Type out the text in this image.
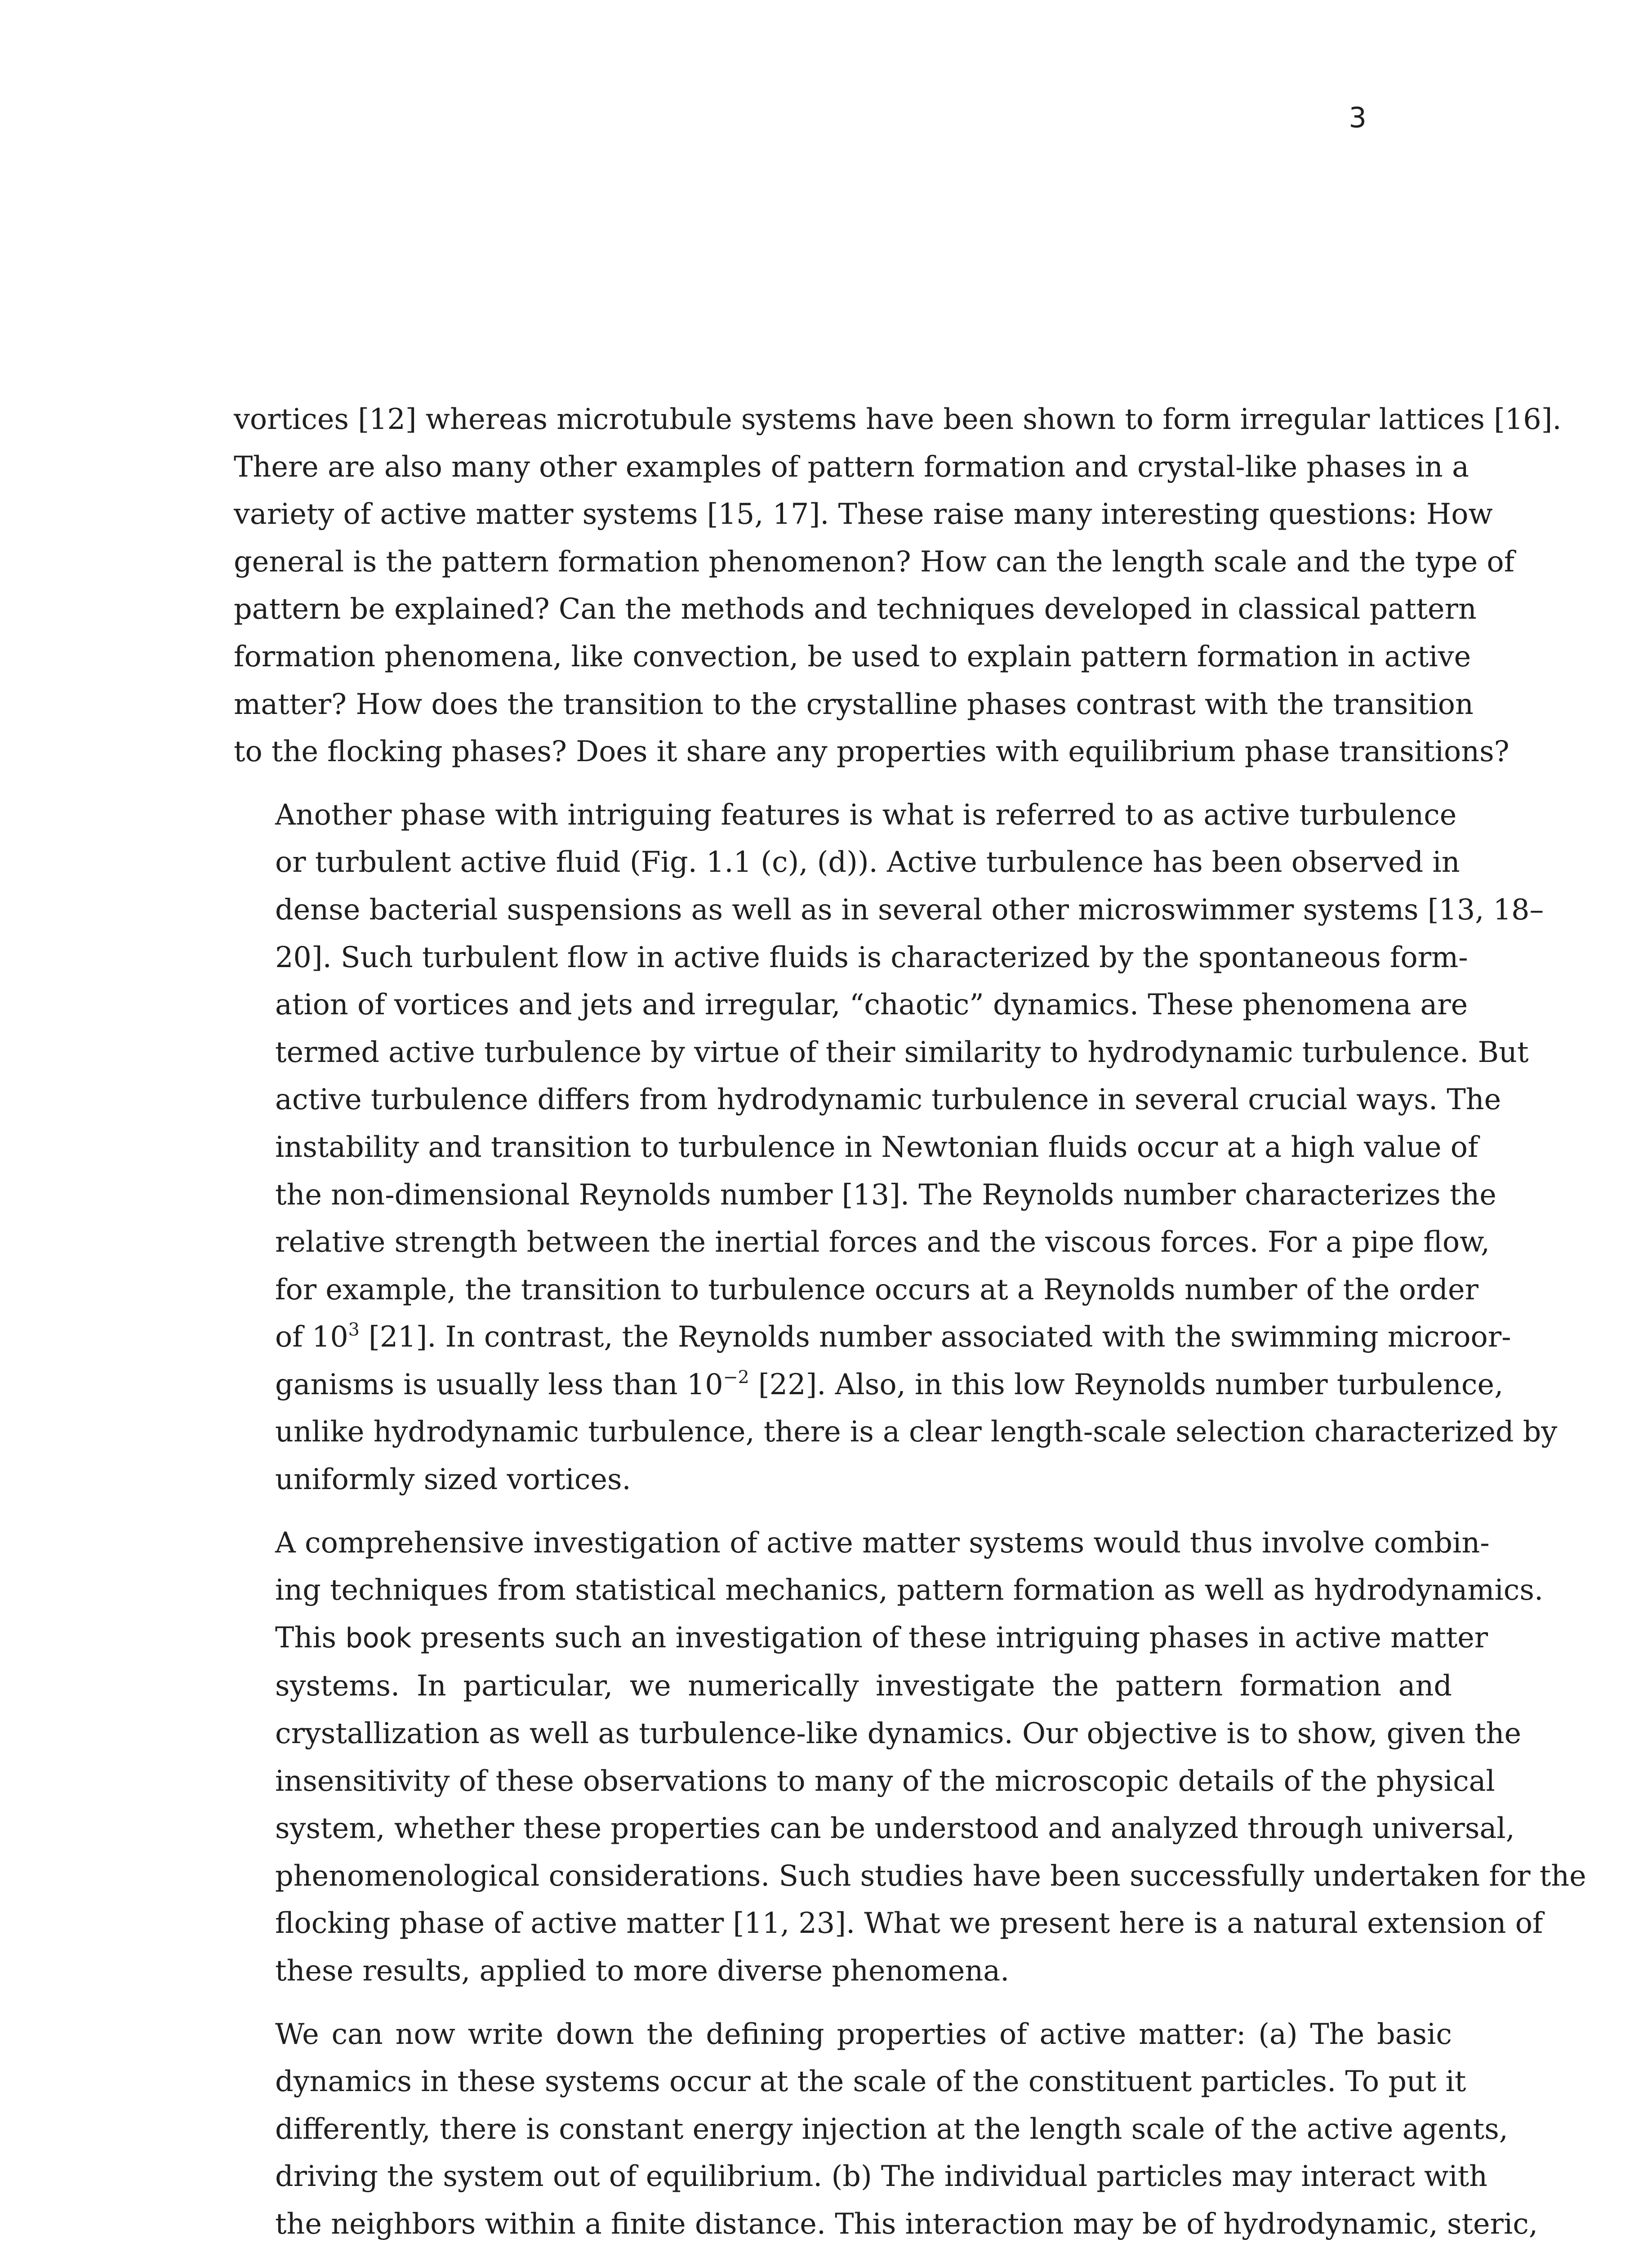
3

vortices [12] whereas microtubule systems have been shown to form irregular lattices [16].
There are also many other examples of pattern formation and crystal-like phases in a
variety of active matter systems [15, 17]. These raise many interesting questions: How
general is the pattern formation phenomenon? How can the length scale and the type of
pattern be explained? Can the methods and techniques developed in classical pattern
formation phenomena, like convection, be used to explain pattern formation in active
matter? How does the transition to the crystalline phases contrast with the transition
to the flocking phases? Does it share any properties with equilibrium phase transitions?

Another phase with intriguing features is what is referred to as active turbulence
or turbulent active fluid (Fig. 1.1 (c), (d)). Active turbulence has been observed in
dense bacterial suspensions as well as in several other microswimmer systems [13, 18–
20]. Such turbulent flow in active fluids is characterized by the spontaneous form-
ation of vortices and jets and irregular, “chaotic” dynamics. These phenomena are
termed active turbulence by virtue of their similarity to hydrodynamic turbulence. But
active turbulence differs from hydrodynamic turbulence in several crucial ways. The
instability and transition to turbulence in Newtonian fluids occur at a high value of
the non-dimensional Reynolds number [13]. The Reynolds number characterizes the
relative strength between the inertial forces and the viscous forces. For a pipe flow,
for example, the transition to turbulence occurs at a Reynolds number of the order
of $10^3$ [21]. In contrast, the Reynolds number associated with the swimming microor-
ganisms is usually less than $10^{-2}$ [22]. Also, in this low Reynolds number turbulence,
unlike hydrodynamic turbulence, there is a clear length-scale selection characterized by
uniformly sized vortices.

A comprehensive investigation of active matter systems would thus involve combin-
ing techniques from statistical mechanics, pattern formation as well as hydrodynamics.
This book presents such an investigation of these intriguing phases in active matter
systems. In particular, we numerically investigate the pattern formation and
crystallization as well as turbulence-like dynamics. Our objective is to show, given the
insensitivity of these observations to many of the microscopic details of the physical
system, whether these properties can be understood and analyzed through universal,
phenomenological considerations. Such studies have been successfully undertaken for the
flocking phase of active matter [11, 23]. What we present here is a natural extension of
these results, applied to more diverse phenomena.

We can now write down the defining properties of active matter: (a) The basic
dynamics in these systems occur at the scale of the constituent particles. To put it
differently, there is constant energy injection at the length scale of the active agents,
driving the system out of equilibrium. (b) The individual particles may interact with
the neighbors within a finite distance. This interaction may be of hydrodynamic, steric,
